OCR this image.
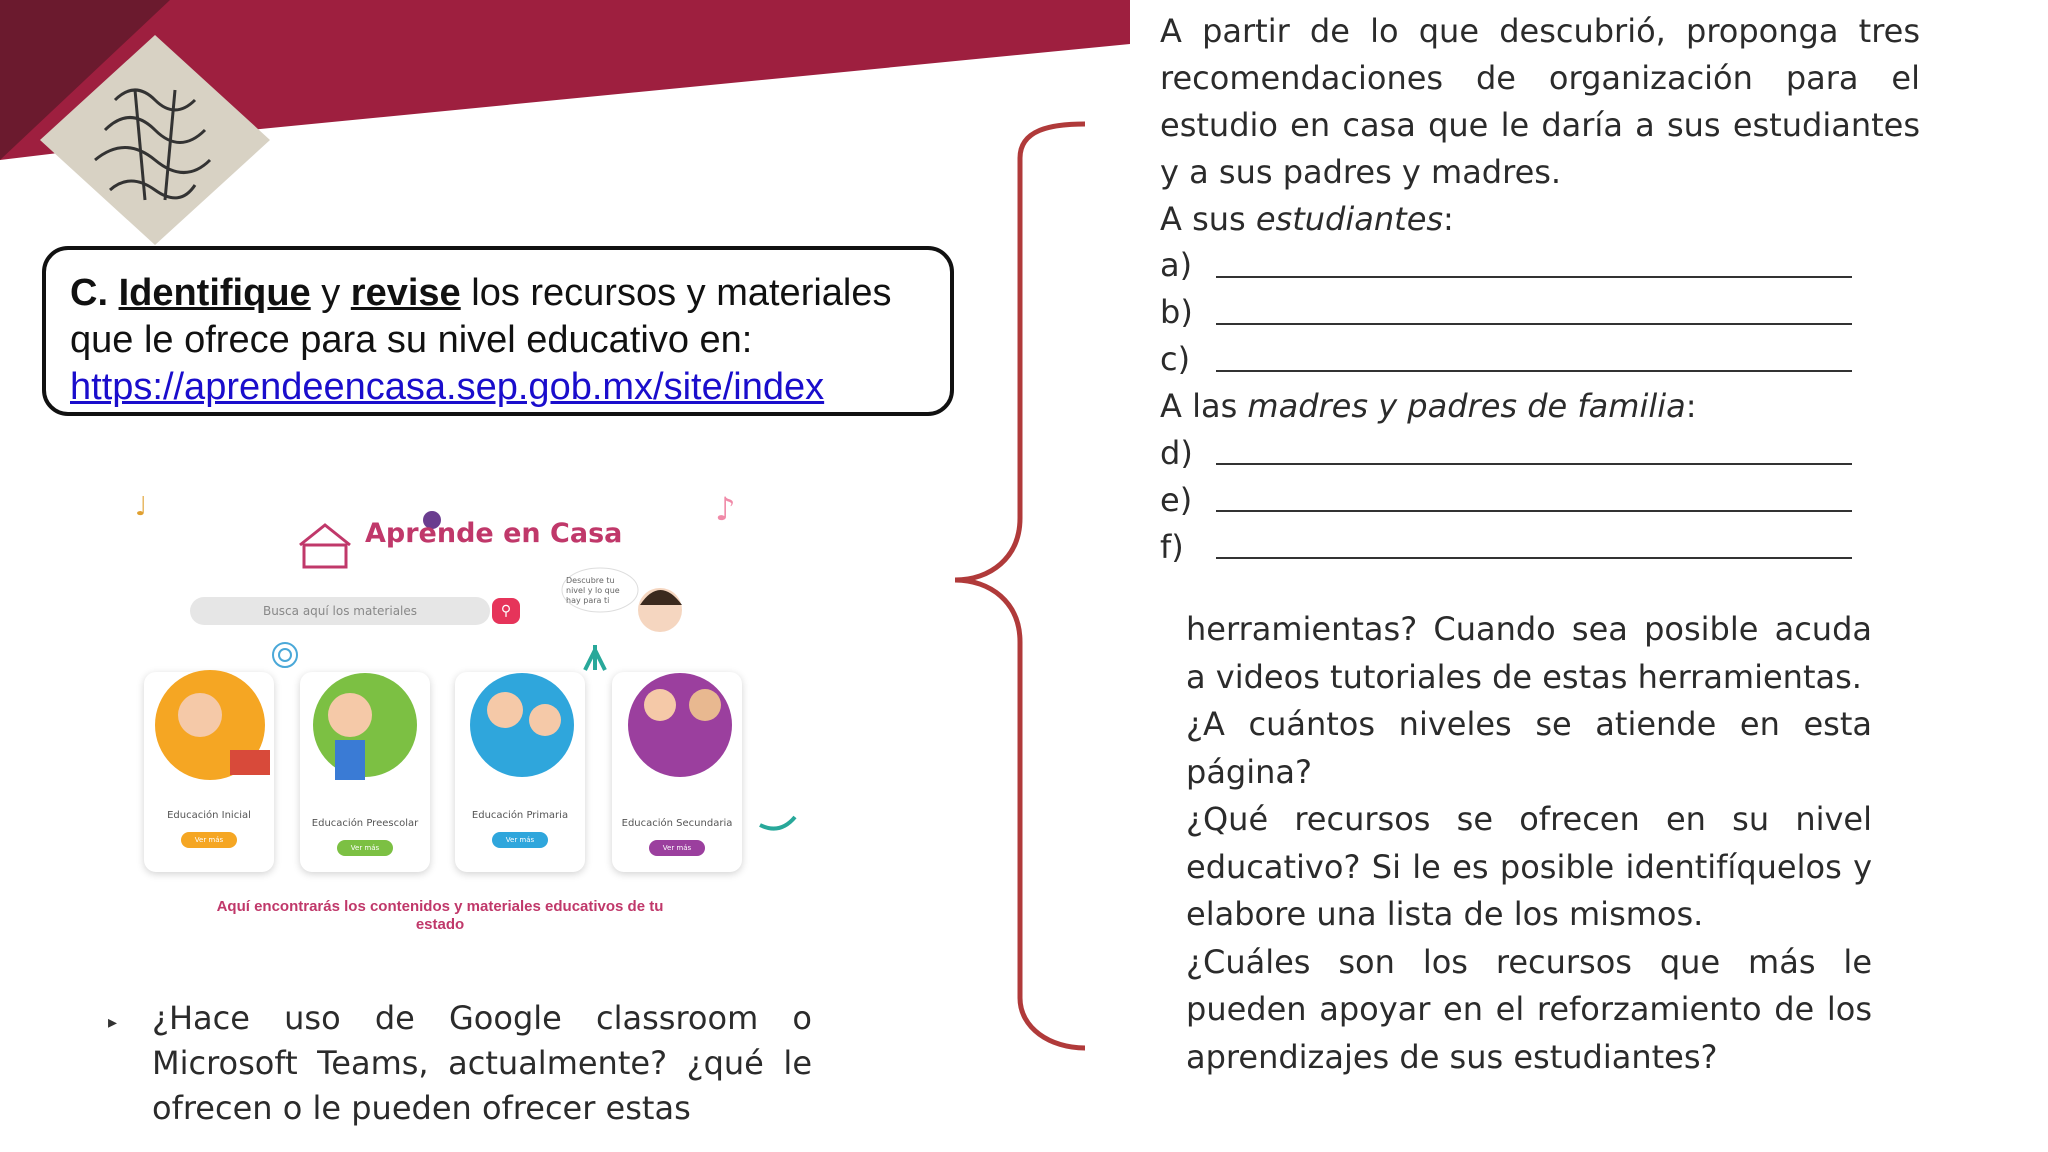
C. Identifique y revise los recursos y materiales
que le ofrece para su nivel educativo en:
https://aprendeencasa.sep.gob.mx/site/index
♩	♪
Aprende en Casa
Busca aquí los materiales	⚲
Descubre tu nivel y lo que hay para ti
Educación Inicial
Educación Preescolar
Educación Primaria
Educación Secundaria
Ver más
Ver más
Ver más
Ver más
Aquí encontrarás los contenidos y materiales educativos de tu estado
▸ ¿Hace uso de Google classroom o Microsoft Teams, actualmente? ¿qué le ofrecen o le pueden ofrecer estas
A partir de lo que descubrió, proponga tres recomendaciones de organización para el estudio en casa que le daría a sus estudiantes y a sus padres y madres.
A sus estudiantes:
a)
b)
c)
A las madres y padres de familia:
d)
e)
f)

herramientas? Cuando sea posible acuda a videos tutoriales de estas herramientas.

¿A cuántos niveles se atiende en esta página?

¿Qué recursos se ofrecen en su nivel educativo? Si le es posible identifíquelos y elabore una lista de los mismos.

¿Cuáles son los recursos que más le pueden apoyar en el reforzamiento de los aprendizajes de sus estudiantes?
